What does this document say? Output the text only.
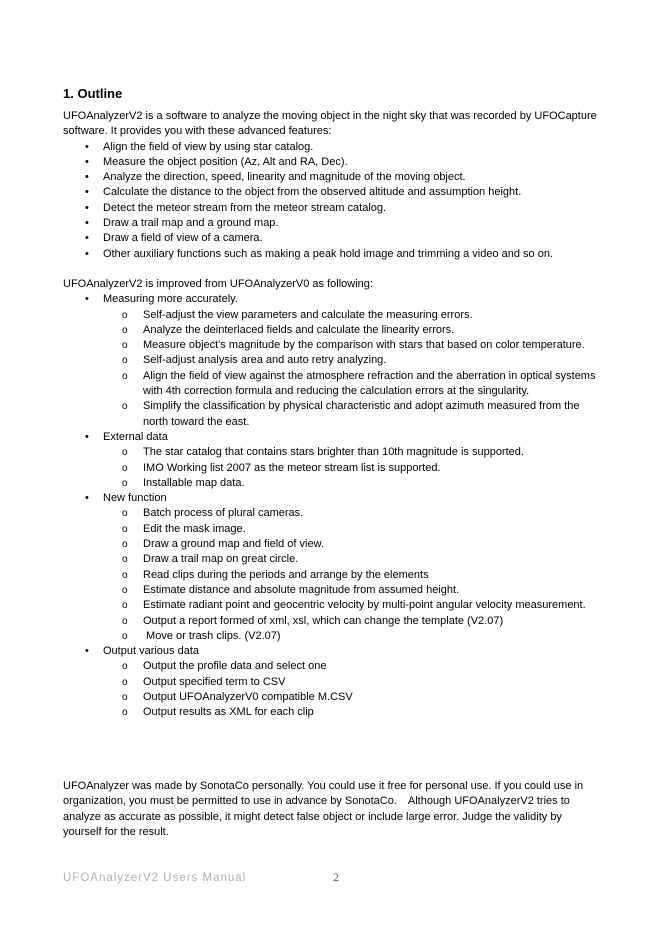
1. Outline

UFOAnalyzerV2 is a software to analyze the moving object in the night sky that was recorded by UFOCapture software. It provides you with these advanced features:

• Align the field of view by using star catalog.
• Measure the object position (Az, Alt and RA, Dec).
• Analyze the direction, speed, linearity and magnitude of the moving object.
• Calculate the distance to the object from the observed altitude and assumption height.
• Detect the meteor stream from the meteor stream catalog.
• Draw a trail map and a ground map.
• Draw a field of view of a camera.
• Other auxiliary functions such as making a peak hold image and trimming a video and so on.

UFOAnalyzerV2 is improved from UFOAnalyzerV0 as following:

• Measuring more accurately.
o Self-adjust the view parameters and calculate the measuring errors.
o Analyze the deinterlaced fields and calculate the linearity errors.
o Measure object's magnitude by the comparison with stars that based on color temperature.
o Self-adjust analysis area and auto retry analyzing.
o Align the field of view against the atmosphere refraction and the aberration in optical systems with 4th correction formula and reducing the calculation errors at the singularity.
o Simplify the classification by physical characteristic and adopt azimuth measured from the north toward the east.
• External data
o The star catalog that contains stars brighter than 10th magnitude is supported.
o IMO Working list 2007 as the meteor stream list is supported.
o Installable map data.
• New function
o Batch process of plural cameras.
o Edit the mask image.
o Draw a ground map and field of view.
o Draw a trail map on great circle.
o Read clips during the periods and arrange by the elements
o Estimate distance and absolute magnitude from assumed height.
o Estimate radiant point and geocentric velocity by multi-point angular velocity measurement.
o Output a report formed of xml, xsl, which can change the template (V2.07)
o  Move or trash clips. (V2.07)
• Output various data
o Output the profile data and select one
o Output specified term to CSV
o Output UFOAnalyzerV0 compatible M.CSV
o Output results as XML for each clip

UFOAnalyzer was made by SonotaCo personally. You could use it free for personal use. If you could use in organization, you must be permitted to use in advance by SonotaCo.　Although UFOAnalyzerV2 tries to analyze as accurate as possible, it might detect false object or include large error. Judge the validity by yourself for the result.

UFOAnalyzerV2 Users Manual	2
